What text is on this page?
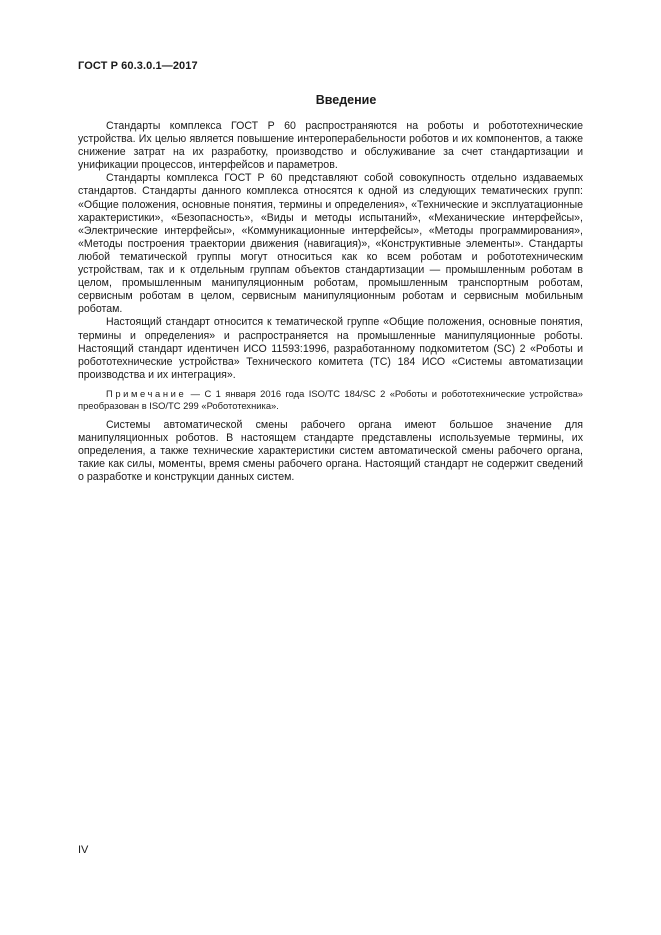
ГОСТ Р 60.3.0.1—2017
Введение

Стандарты комплекса ГОСТ Р 60 распространяются на роботы и робототехнические устройства. Их целью является повышение интероперабельности роботов и их компонентов, а также снижение затрат на их разработку, производство и обслуживание за счет стандартизации и унификации процессов, интерфейсов и параметров.

Стандарты комплекса ГОСТ Р 60 представляют собой совокупность отдельно издаваемых стандартов. Стандарты данного комплекса относятся к одной из следующих тематических групп: «Общие положения, основные понятия, термины и определения», «Технические и эксплуатационные характеристики», «Безопасность», «Виды и методы испытаний», «Механические интерфейсы», «Электрические интерфейсы», «Коммуникационные интерфейсы», «Методы программирования», «Методы построения траектории движения (навигация)», «Конструктивные элементы». Стандарты любой тематической группы могут относиться как ко всем роботам и робототехническим устройствам, так и к отдельным группам объектов стандартизации — промышленным роботам в целом, промышленным манипуляционным роботам, промышленным транспортным роботам, сервисным роботам в целом, сервисным манипуляционным роботам и сервисным мобильным роботам.

Настоящий стандарт относится к тематической группе «Общие положения, основные понятия, термины и определения» и распространяется на промышленные манипуляционные роботы. Настоящий стандарт идентичен ИСО 11593:1996, разработанному подкомитетом (SC) 2 «Роботы и робототехнические устройства» Технического комитета (TC) 184 ИСО «Системы автоматизации производства и их интеграция».

Примечание — С 1 января 2016 года ISO/TC 184/SC 2 «Роботы и робототехнические устройства» преобразован в ISO/TC 299 «Робототехника».

Системы автоматической смены рабочего органа имеют большое значение для манипуляционных роботов. В настоящем стандарте представлены используемые термины, их определения, а также технические характеристики систем автоматической смены рабочего органа, такие как силы, моменты, время смены рабочего органа. Настоящий стандарт не содержит сведений о разработке и конструкции данных систем.

IV
